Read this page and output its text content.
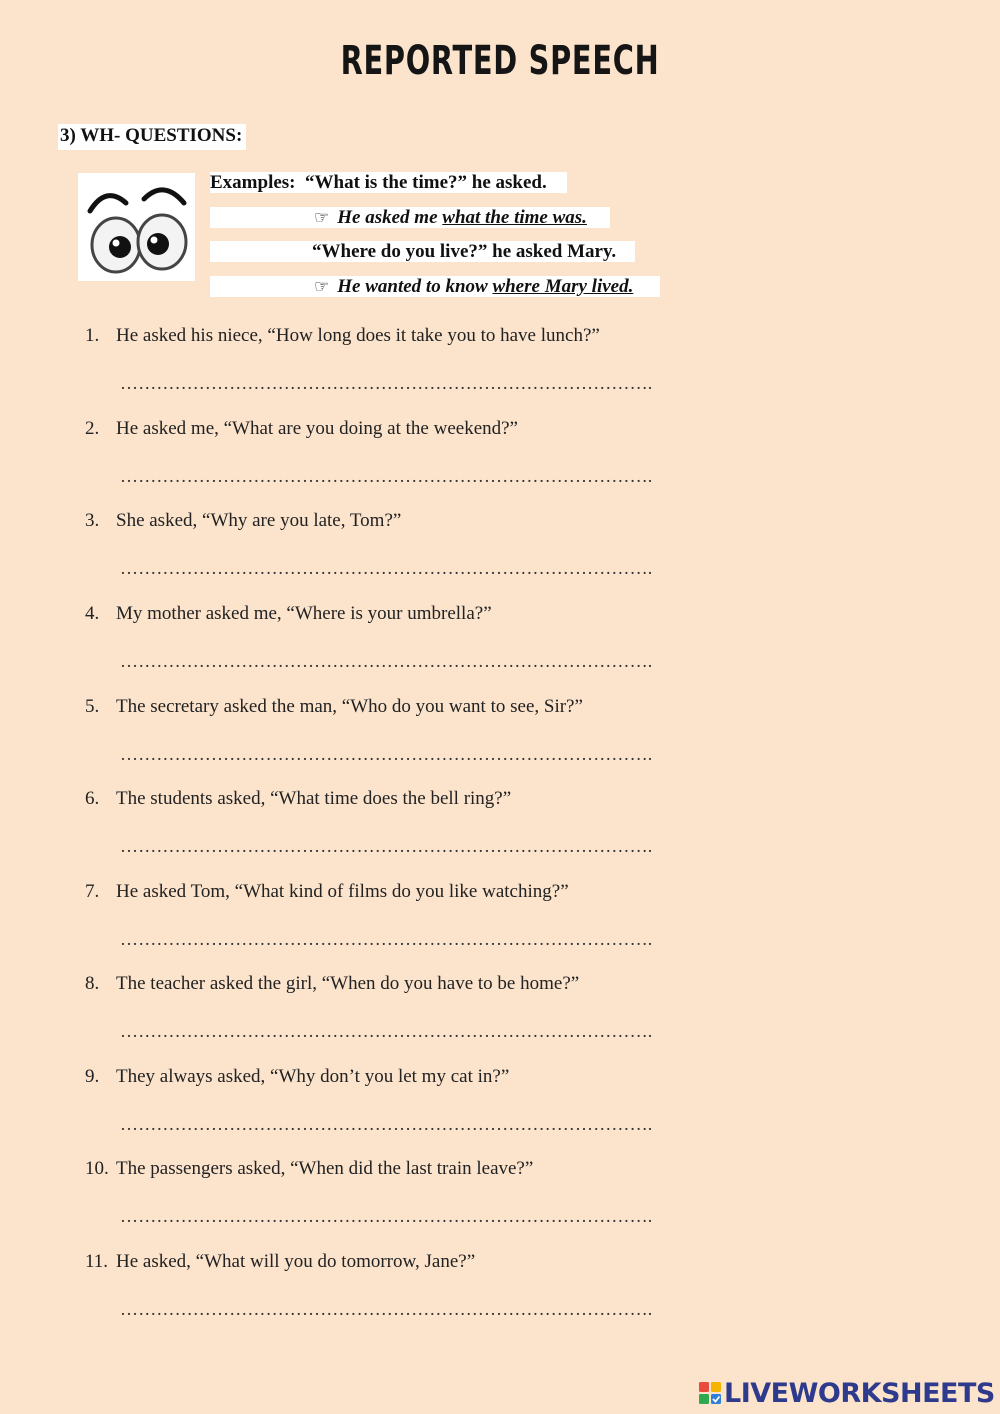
REPORTED SPEECH
3) WH- QUESTIONS:
Examples: “What is the time?” he asked.
☞ He asked me what the time was.
“Where do you live?” he asked Mary.
☞ He wanted to know where Mary lived.
1. He asked his niece, “How long does it take you to have lunch?”
…………………………………………………………………………….
2. He asked me, “What are you doing at the weekend?”
…………………………………………………………………………….
3. She asked, “Why are you late, Tom?”
…………………………………………………………………………….
4. My mother asked me, “Where is your umbrella?”
…………………………………………………………………………….
5. The secretary asked the man, “Who do you want to see, Sir?”
…………………………………………………………………………….
6. The students asked, “What time does the bell ring?”
…………………………………………………………………………….
7. He asked Tom, “What kind of films do you like watching?”
…………………………………………………………………………….
8. The teacher asked the girl, “When do you have to be home?”
…………………………………………………………………………….
9. They always asked, “Why don’t you let my cat in?”
…………………………………………………………………………….
10. The passengers asked, “When did the last train leave?”
…………………………………………………………………………….
11. He asked, “What will you do tomorrow, Jane?”
…………………………………………………………………………….
LIVEWORKSHEETS
